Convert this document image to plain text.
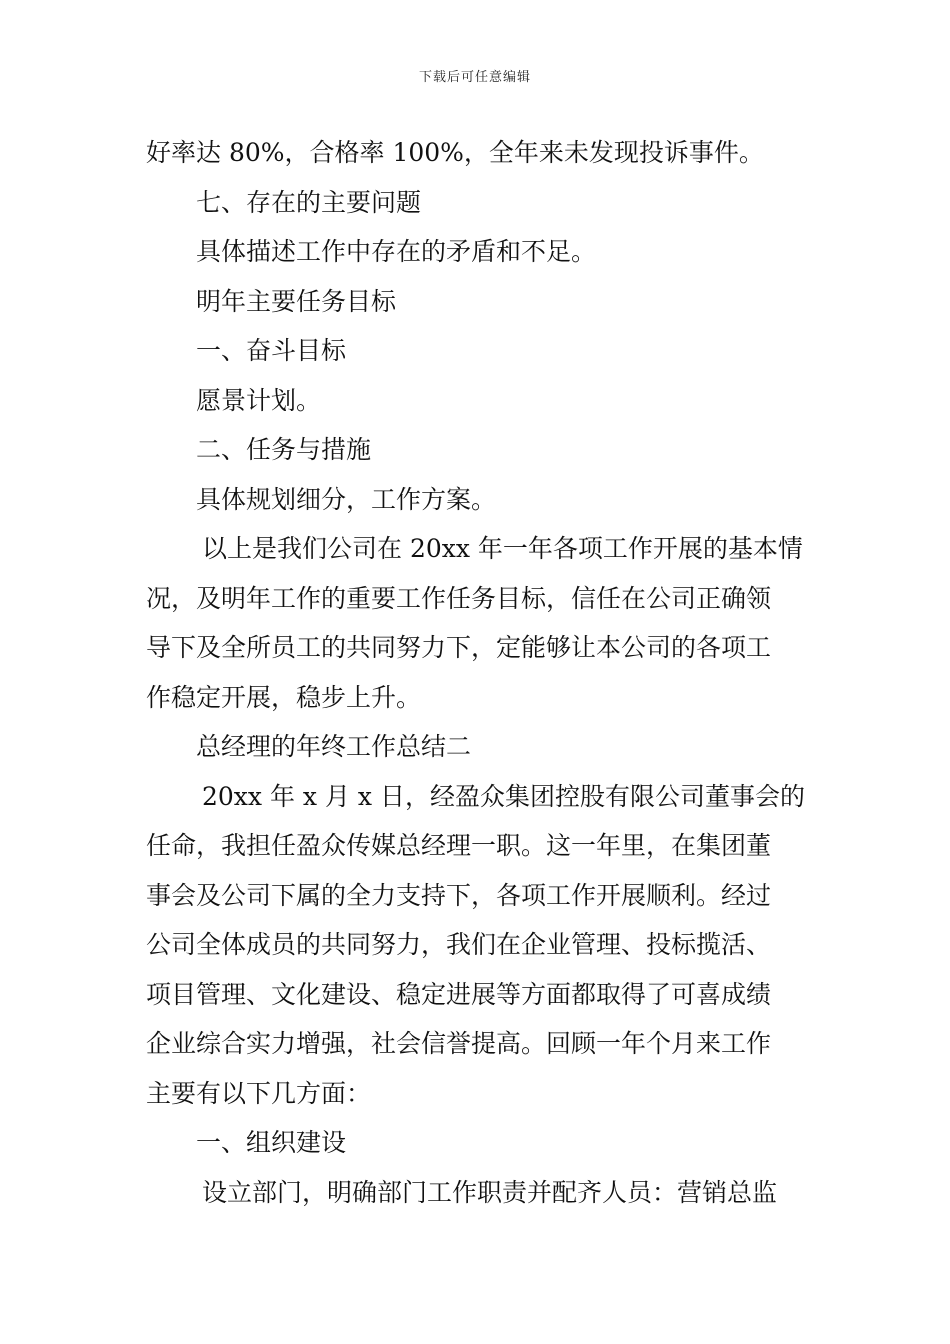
下载后可任意编辑
好率达 80%，合格率 100%，全年来未发现投诉事件。
七、存在的主要问题
具体描述工作中存在的矛盾和不足。
明年主要任务目标
一、奋斗目标
愿景计划。
二、任务与措施
具体规划细分，工作方案。
以上是我们公司在 20xx 年一年各项工作开展的基本情
况，及明年工作的重要工作任务目标，信任在公司正确领
导下及全所员工的共同努力下，定能够让本公司的各项工
作稳定开展，稳步上升。
总经理的年终工作总结二
20xx 年 x 月 x 日，经盈众集团控股有限公司董事会的
任命，我担任盈众传媒总经理一职。这一年里，在集团董
事会及公司下属的全力支持下，各项工作开展顺利。经过
公司全体成员的共同努力，我们在企业管理、投标揽活、
项目管理、文化建设、稳定进展等方面都取得了可喜成绩
企业综合实力增强，社会信誉提高。回顾一年个月来工作
主要有以下几方面：
一、组织建设
设立部门，明确部门工作职责并配齐人员：营销总监
